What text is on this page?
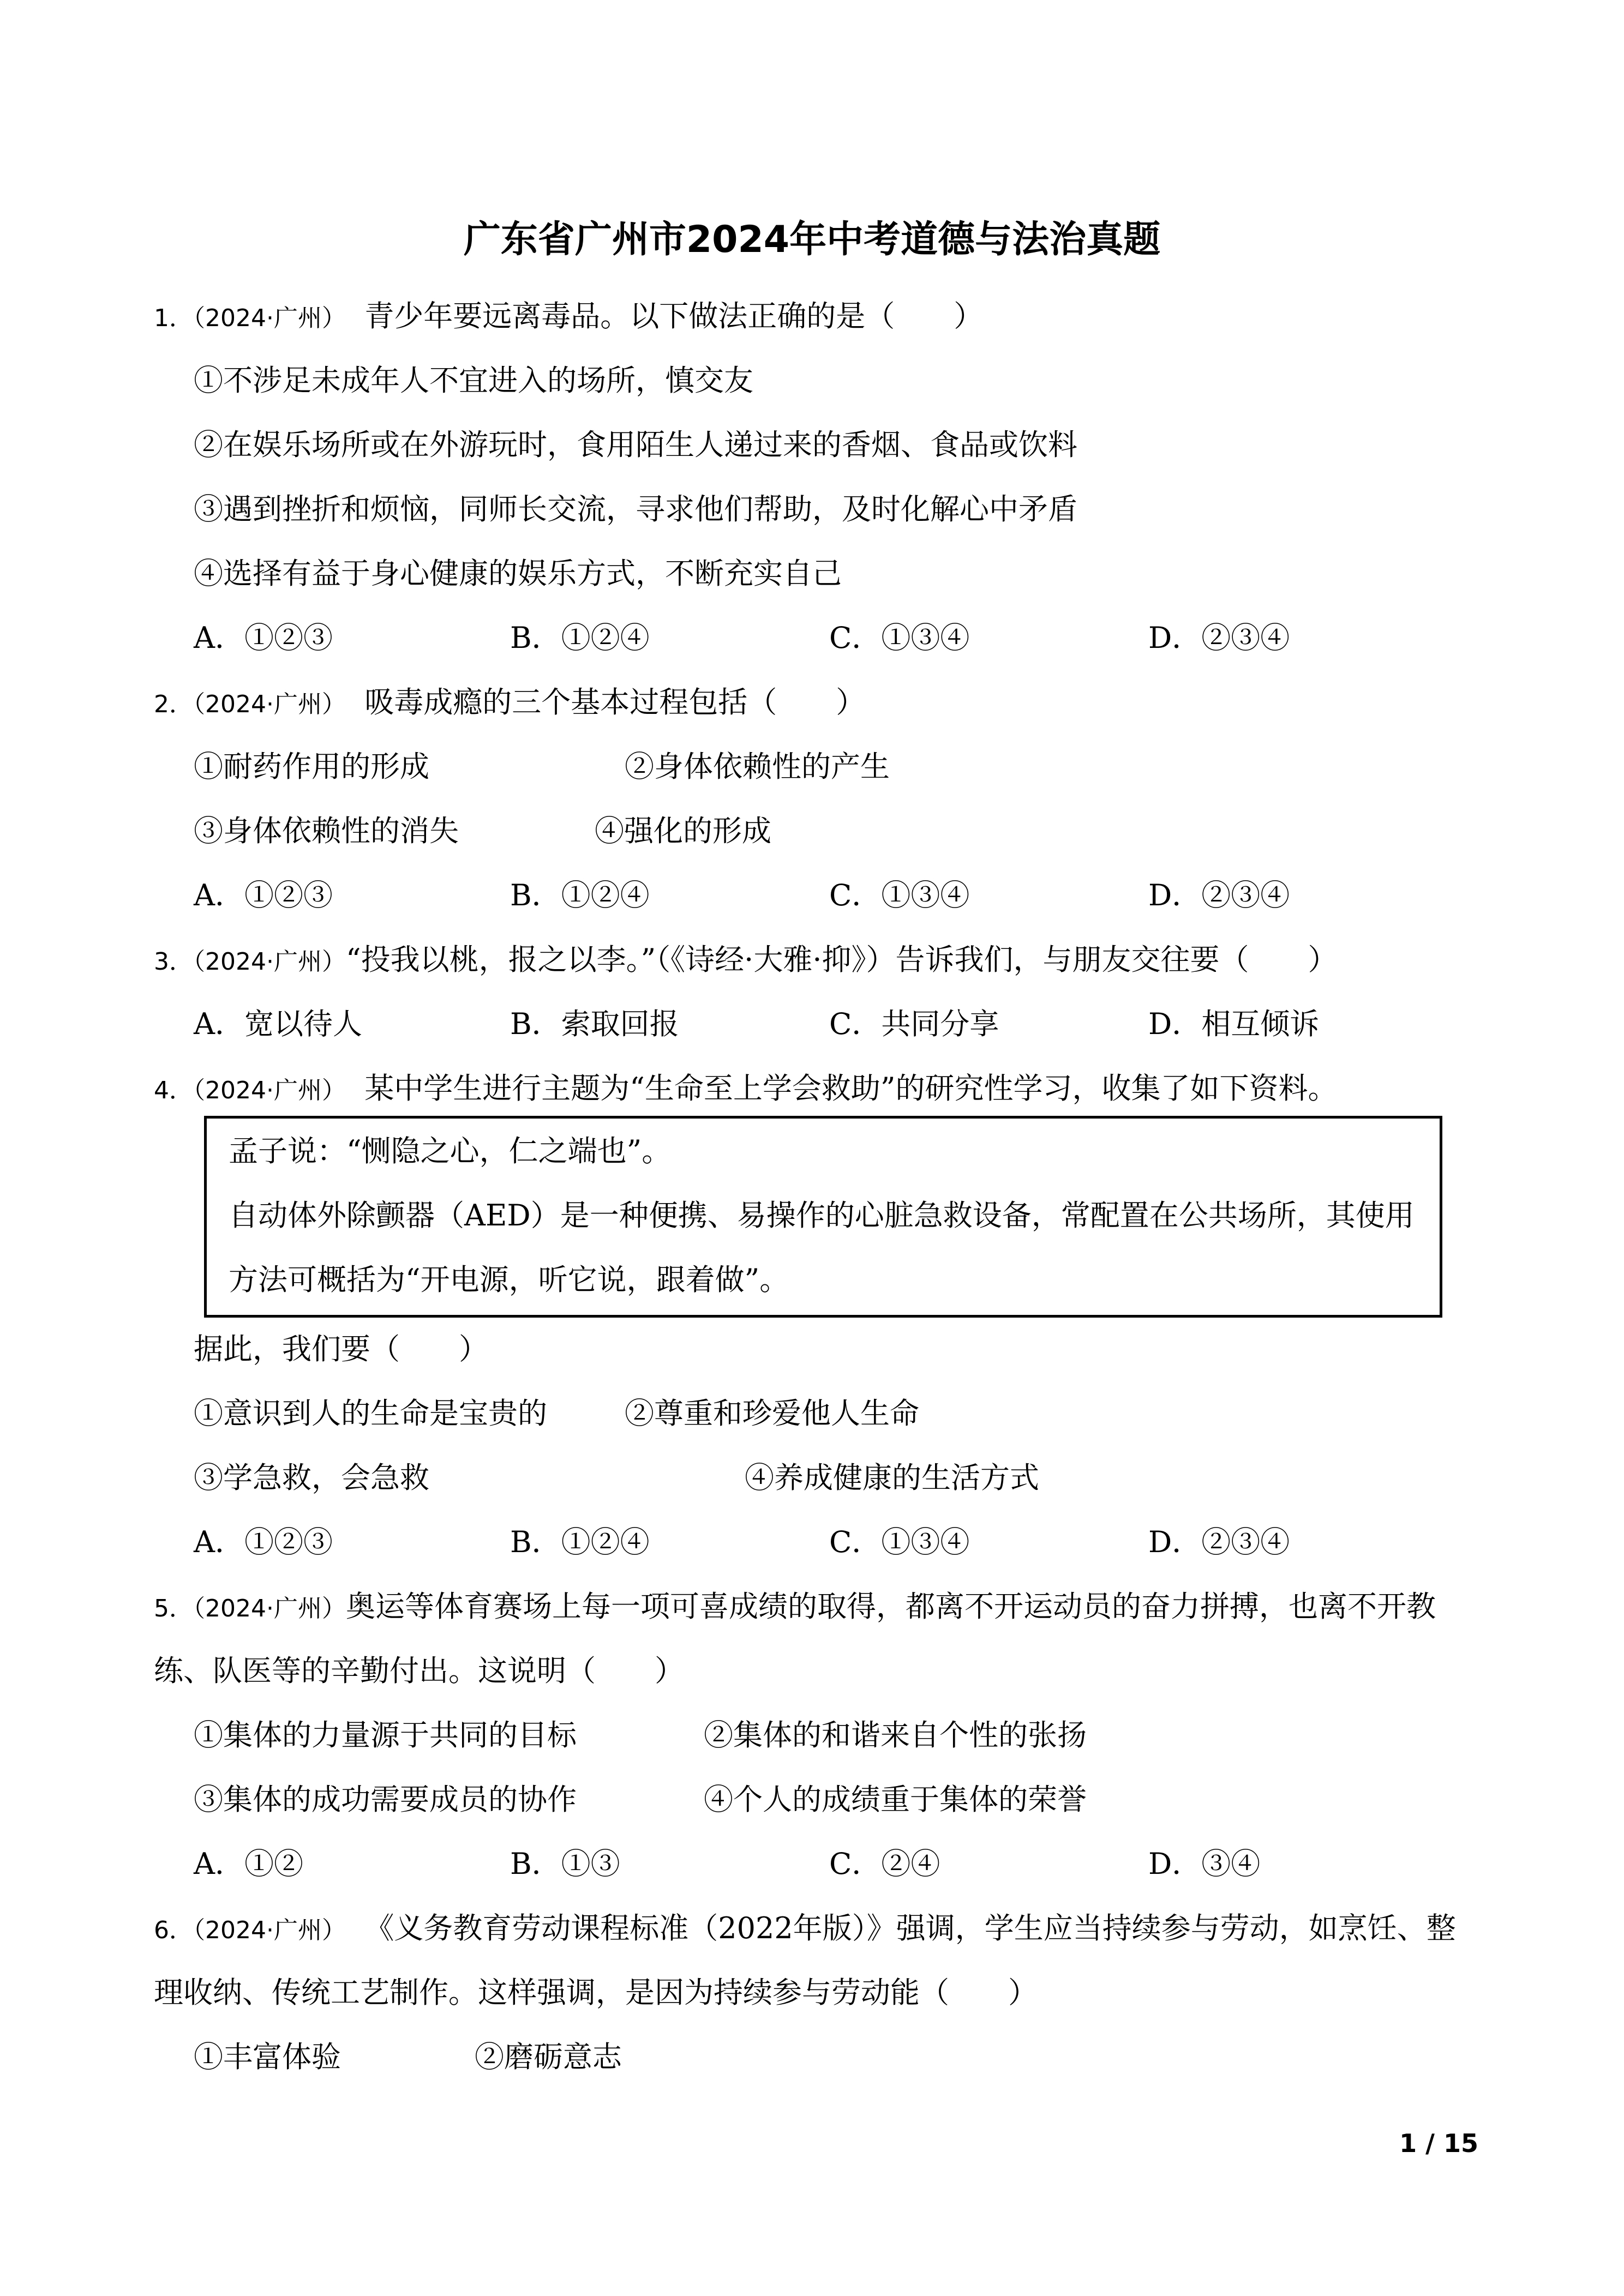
广东省广州市2024年中考道德与法治真题
1．（2024·广州） 青少年要远离毒品。以下做法正确的是（　　）
①不涉足未成年人不宜进入的场所，慎交友
②在娱乐场所或在外游玩时，食用陌生人递过来的香烟、食品或饮料
③遇到挫折和烦恼，同师长交流，寻求他们帮助，及时化解心中矛盾
④选择有益于身心健康的娱乐方式，不断充实自己
A．①②③	B．①②④	C．①③④	D．②③④
2．（2024·广州） 吸毒成瘾的三个基本过程包括（　　）
①耐药作用的形成	②身体依赖性的产生
③身体依赖性的消失	④强化的形成
A．①②③	B．①②④	C．①③④	D．②③④
3．（2024·广州）“投我以桃，报之以李。”（《诗经·大雅·抑》）告诉我们，与朋友交往要（　　）
A．宽以待人	B．索取回报	C．共同分享	D．相互倾诉
4．（2024·广州） 某中学生进行主题为“生命至上学会救助”的研究性学习，收集了如下资料。
孟子说：“恻隐之心，仁之端也”。
自动体外除颤器（AED）是一种便携、易操作的心脏急救设备，常配置在公共场所，其使用
方法可概括为“开电源，听它说，跟着做”。
据此，我们要（　　）
①意识到人的生命是宝贵的	②尊重和珍爱他人生命
③学急救，会急救	④养成健康的生活方式
A．①②③	B．①②④	C．①③④	D．②③④
5．（2024·广州）奥运等体育赛场上每一项可喜成绩的取得，都离不开运动员的奋力拼搏，也离不开教
练、队医等的辛勤付出。这说明（　　）
①集体的力量源于共同的目标	②集体的和谐来自个性的张扬
③集体的成功需要成员的协作	④个人的成绩重于集体的荣誉
A．①②	B．①③	C．②④	D．③④
6．（2024·广州） 《义务教育劳动课程标准（2022年版）》强调，学生应当持续参与劳动，如烹饪、整
理收纳、传统工艺制作。这样强调，是因为持续参与劳动能（　　）
①丰富体验	②磨砺意志
1 / 15
